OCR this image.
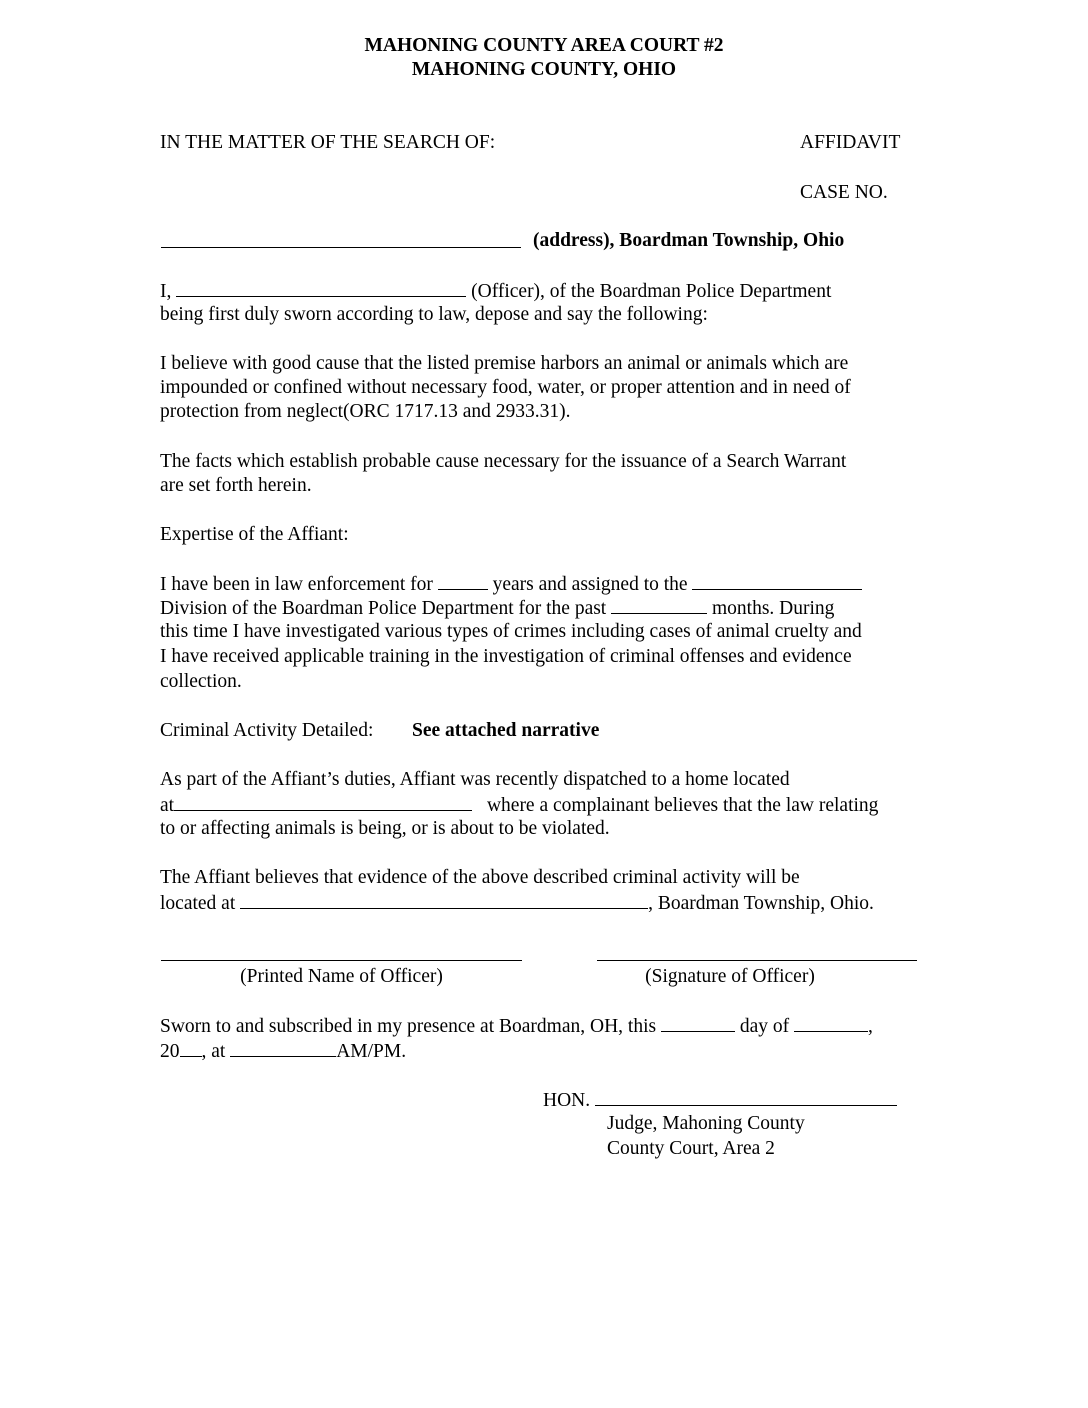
MAHONING COUNTY AREA COURT #2
MAHONING COUNTY, OHIO
IN THE MATTER OF THE SEARCH OF:	AFFIDAVIT
CASE NO.
(address), Boardman Township, Ohio
I,	(Officer), of the Boardman Police Department
being first duly sworn according to law, depose and say the following:
I believe with good cause that the listed premise harbors an animal or animals which are
impounded or confined without necessary food, water, or proper attention and in need of
protection from neglect(ORC 1717.13 and 2933.31).
The facts which establish probable cause necessary for the issuance of a Search Warrant
are set forth herein.
Expertise of the Affiant:
I have been in law enforcement for	years and assigned to the
Division of the Boardman Police Department for the past	months. During
this time I have investigated various types of crimes including cases of animal cruelty and
I have received applicable training in the investigation of criminal offenses and evidence
collection.
Criminal Activity Detailed: See attached narrative
As part of the Affiant’s duties, Affiant was recently dispatched to a home located
at	where a complainant believes that the law relating
to or affecting animals is being, or is about to be violated.
The Affiant believes that evidence of the above described criminal activity will be
located at	, Boardman Township, Ohio.
(Printed Name of Officer)	(Signature of Officer)
Sworn to and subscribed in my presence at Boardman, OH, this	day of	,
20 , at	AM/PM.
HON.
Judge, Mahoning County
County Court, Area 2
